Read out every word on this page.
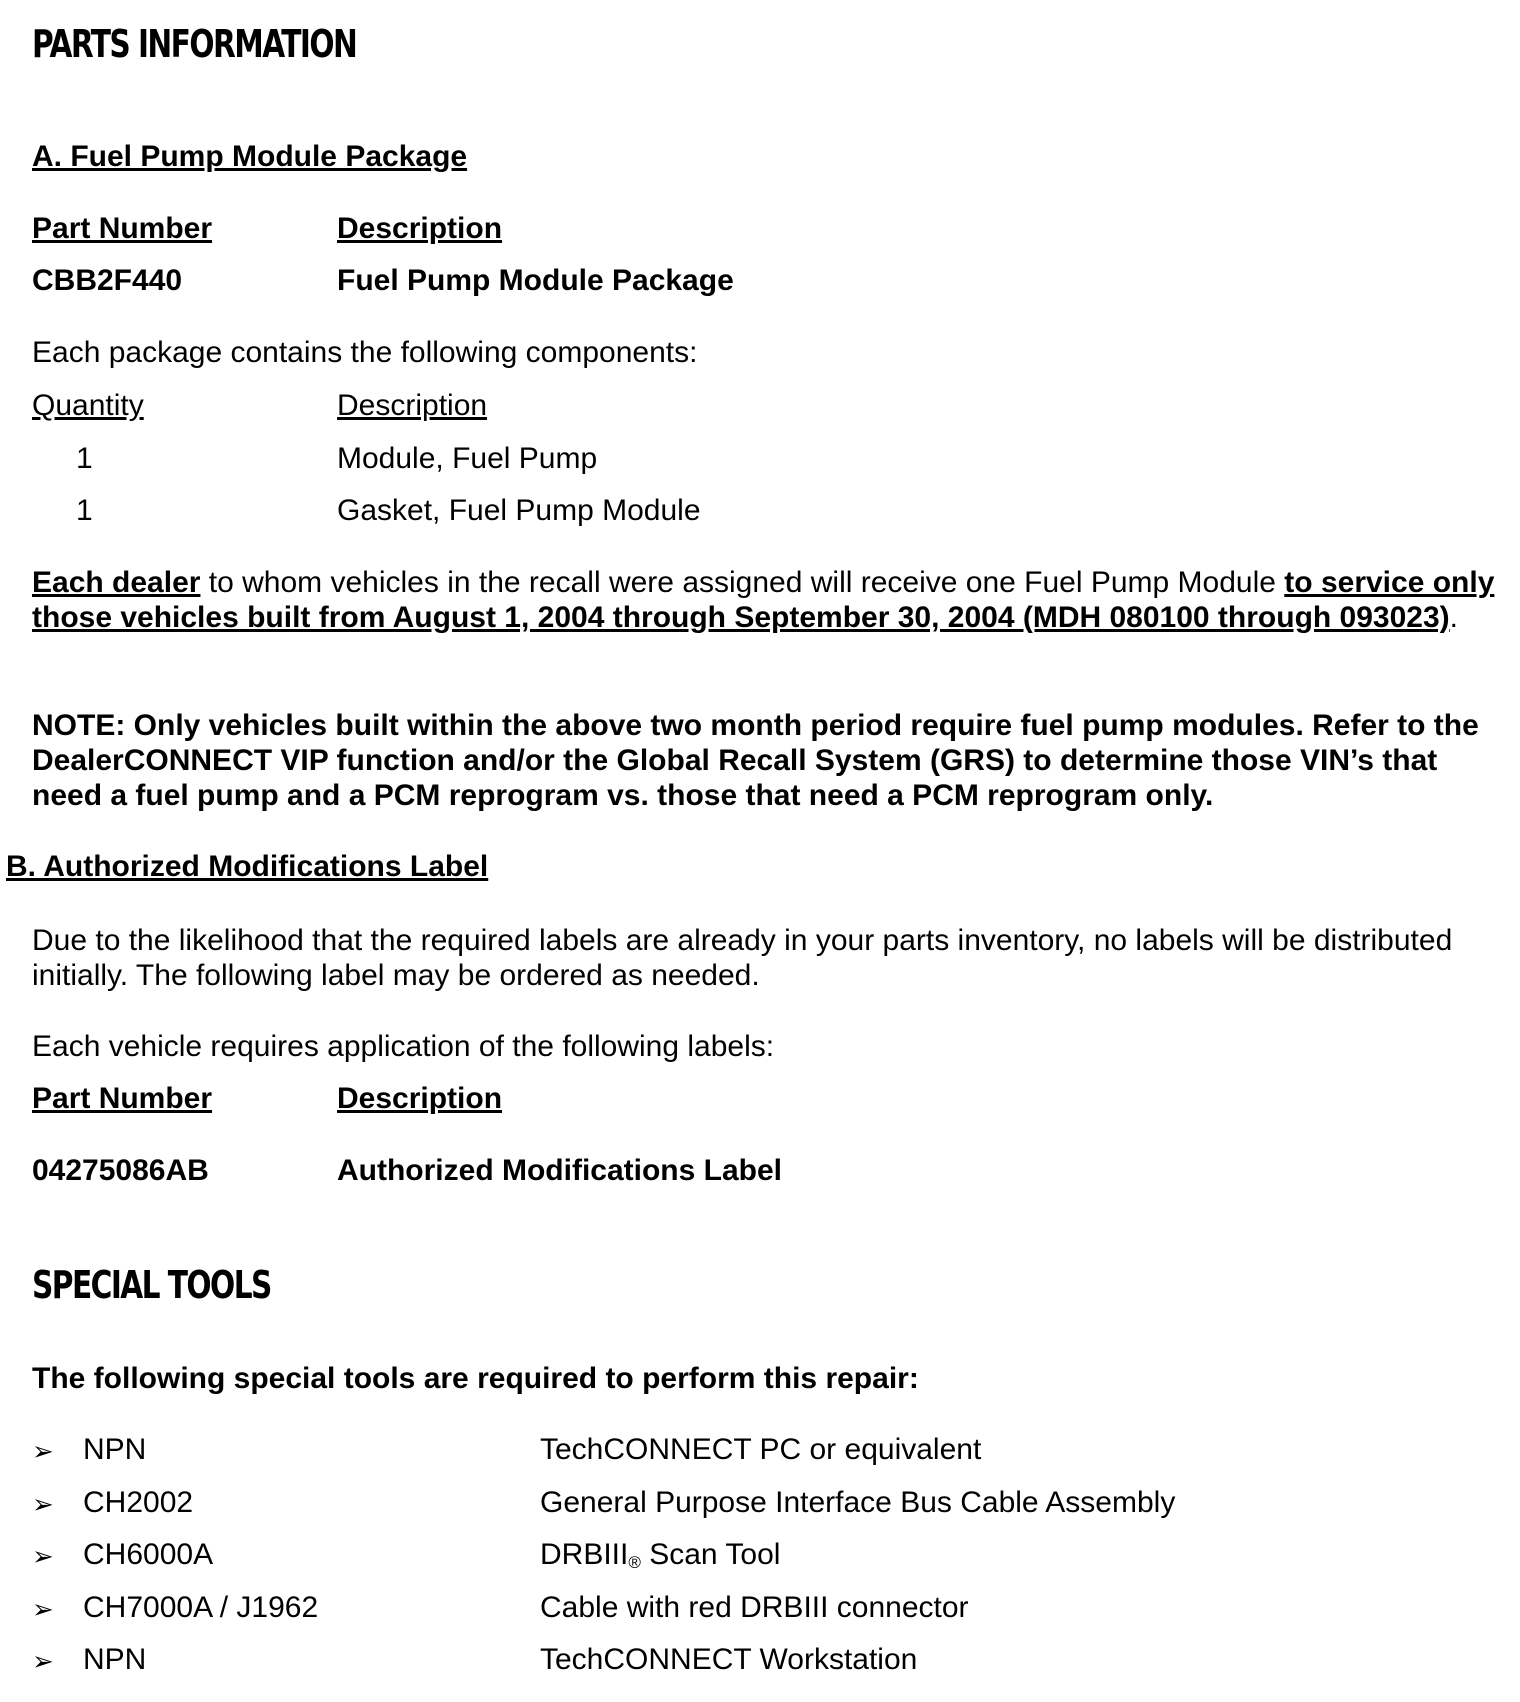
PARTS INFORMATION
A. Fuel Pump Module Package
Part Number	Description
CBB2F440	Fuel Pump Module Package
Each package contains the following components:
Quantity	Description
1	Module, Fuel Pump
1	Gasket, Fuel Pump Module
Each dealer to whom vehicles in the recall were assigned will receive one Fuel Pump Module to service only those vehicles built from August 1, 2004 through September 30, 2004 (MDH 080100 through 093023).
NOTE: Only vehicles built within the above two month period require fuel pump modules. Refer to the DealerCONNECT VIP function and/or the Global Recall System (GRS) to determine those VIN’s that need a fuel pump and a PCM reprogram vs. those that need a PCM reprogram only.
B. Authorized Modifications Label
Due to the likelihood that the required labels are already in your parts inventory, no labels will be distributed initially. The following label may be ordered as needed.
Each vehicle requires application of the following labels:
Part Number	Description
04275086AB	Authorized Modifications Label
SPECIAL TOOLS
The following special tools are required to perform this repair:
➢ NPN	TechCONNECT PC or equivalent
➢ CH2002	General Purpose Interface Bus Cable Assembly
➢ CH6000A	DRBIII® Scan Tool
➢ CH7000A / J1962	Cable with red DRBIII connector
➢ NPN	TechCONNECT Workstation
